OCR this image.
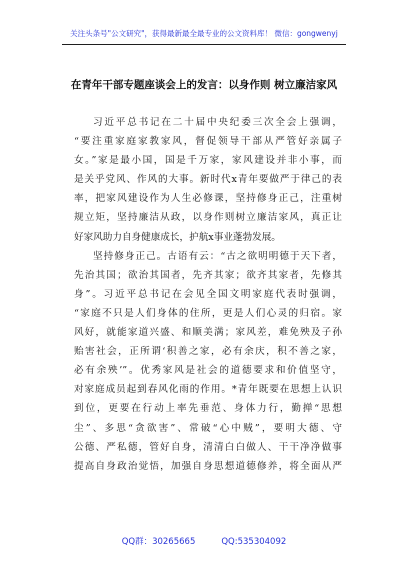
关注头条号"公文研究"，获得最新最全最专业的公文资料库！ 微信：gongwenyj
在青年干部专题座谈会上的发言：以身作则 树立廉洁家风
习近平总书记在二十届中央纪委三次全会上强调，
“要注重家庭家教家风，督促领导干部从严管好亲属子
女。”家是最小国，国是千万家，家风建设并非小事，而
是关乎党风、作风的大事。新时代x青年要做严于律己的表
率，把家风建设作为人生必修课，坚持修身正己，注重树
规立矩，坚持廉洁从政，以身作则树立廉洁家风，真正让
好家风助力自身健康成长，护航x事业蓬勃发展。
坚持修身正己。古语有云：“古之欲明明德于天下者，
先治其国；欲治其国者，先齐其家；欲齐其家者，先修其
身”。习近平总书记在会见全国文明家庭代表时强调，
“家庭不只是人们身体的住所，更是人们心灵的归宿。家
风好，就能家道兴盛、和顺美满；家风差，难免殃及子孙
贻害社会，正所谓‘积善之家，必有余庆，积不善之家，
必有余殃’”。优秀家风是社会的道德要求和价值坚守，
对家庭成员起到春风化雨的作用。*青年既要在思想上认识
到位，更要在行动上率先垂范、身体力行，勤掸“思想
尘”、多思“贪欲害”、常破“心中贼”，要明大德、守
公德、严私德，管好自身，清清白白做人、干干净净做事
提高自身政治觉悟，加强自身思想道德修养，将全面从严
QQ群：30265665	QQ:535304092
